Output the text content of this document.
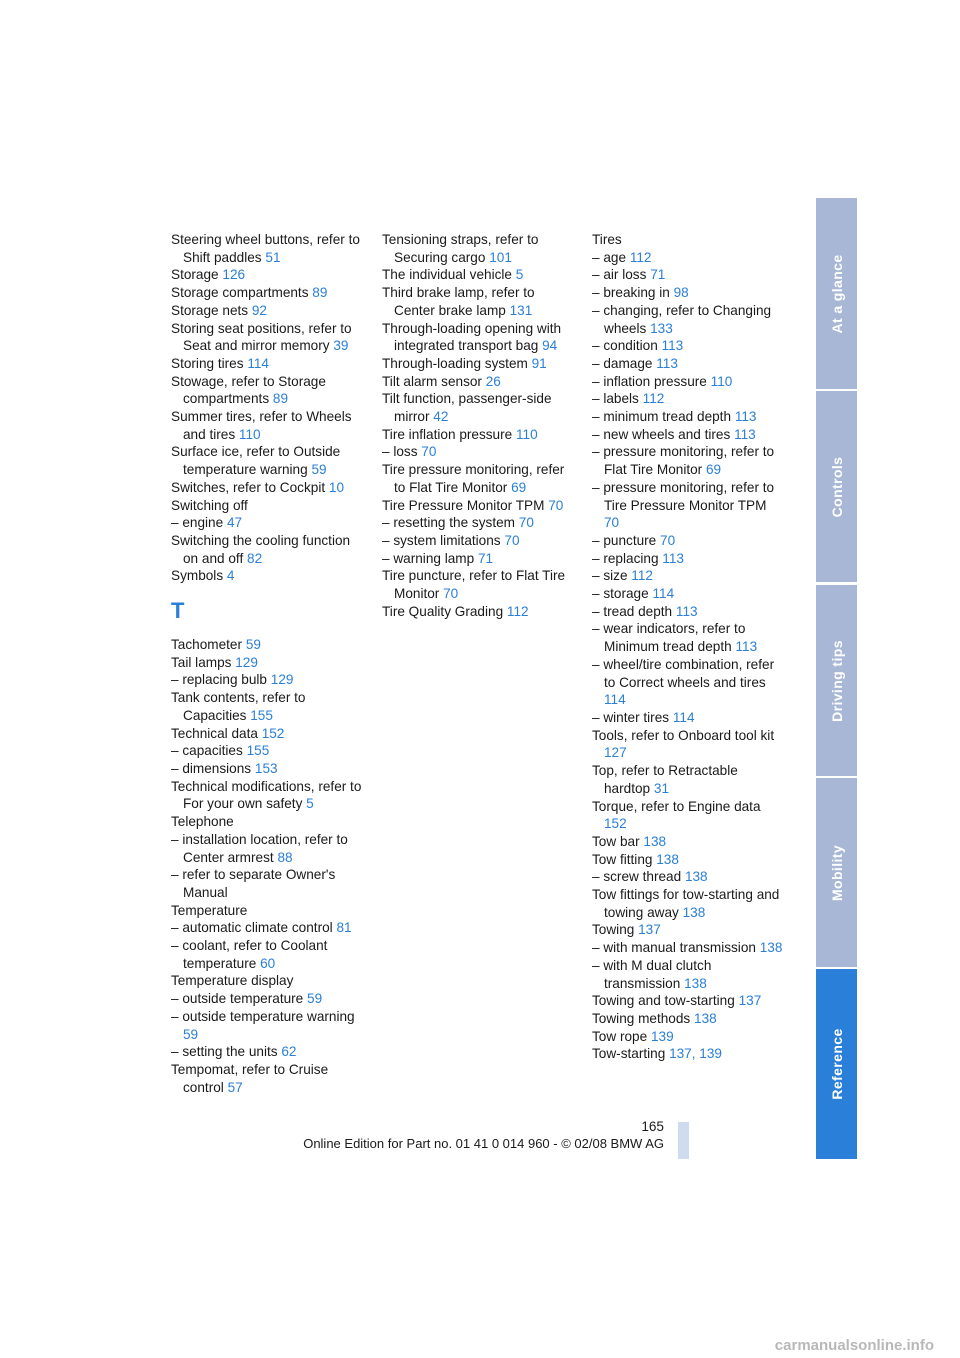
Steering wheel buttons, refer to Shift paddles 51
Storage 126
Storage compartments 89
Storage nets 92
Storing seat positions, refer to Seat and mirror memory 39
Storing tires 114
Stowage, refer to Storage compartments 89
Summer tires, refer to Wheels and tires 110
Surface ice, refer to Outside temperature warning 59
Switches, refer to Cockpit 10
Switching off
– engine 47
Switching the cooling function on and off 82
Symbols 4
T
Tachometer 59
Tail lamps 129
– replacing bulb 129
Tank contents, refer to Capacities 155
Technical data 152
– capacities 155
– dimensions 153
Technical modifications, refer to For your own safety 5
Telephone
– installation location, refer to Center armrest 88
– refer to separate Owner's Manual
Temperature
– automatic climate control 81
– coolant, refer to Coolant temperature 60
Temperature display
– outside temperature 59
– outside temperature warning 59
– setting the units 62
Tempomat, refer to Cruise control 57
Tensioning straps, refer to Securing cargo 101
The individual vehicle 5
Third brake lamp, refer to Center brake lamp 131
Through-loading opening with integrated transport bag 94
Through-loading system 91
Tilt alarm sensor 26
Tilt function, passenger-side mirror 42
Tire inflation pressure 110
– loss 70
Tire pressure monitoring, refer to Flat Tire Monitor 69
Tire Pressure Monitor TPM 70
– resetting the system 70
– system limitations 70
– warning lamp 71
Tire puncture, refer to Flat Tire Monitor 70
Tire Quality Grading 112
Tires
– age 112
– air loss 71
– breaking in 98
– changing, refer to Changing wheels 133
– condition 113
– damage 113
– inflation pressure 110
– labels 112
– minimum tread depth 113
– new wheels and tires 113
– pressure monitoring, refer to Flat Tire Monitor 69
– pressure monitoring, refer to Tire Pressure Monitor TPM 70
– puncture 70
– replacing 113
– size 112
– storage 114
– tread depth 113
– wear indicators, refer to Minimum tread depth 113
– wheel/tire combination, refer to Correct wheels and tires 114
– winter tires 114
Tools, refer to Onboard tool kit 127
Top, refer to Retractable hardtop 31
Torque, refer to Engine data 152
Tow bar 138
Tow fitting 138
– screw thread 138
Tow fittings for tow-starting and towing away 138
Towing 137
– with manual transmission 138
– with M dual clutch transmission 138
Towing and tow-starting 137
Towing methods 138
Tow rope 139
Tow-starting 137, 139
At a glance
Controls
Driving tips
Mobility
Reference
165
Online Edition for Part no. 01 41 0 014 960 - © 02/08 BMW AG
carmanualsonline.info
